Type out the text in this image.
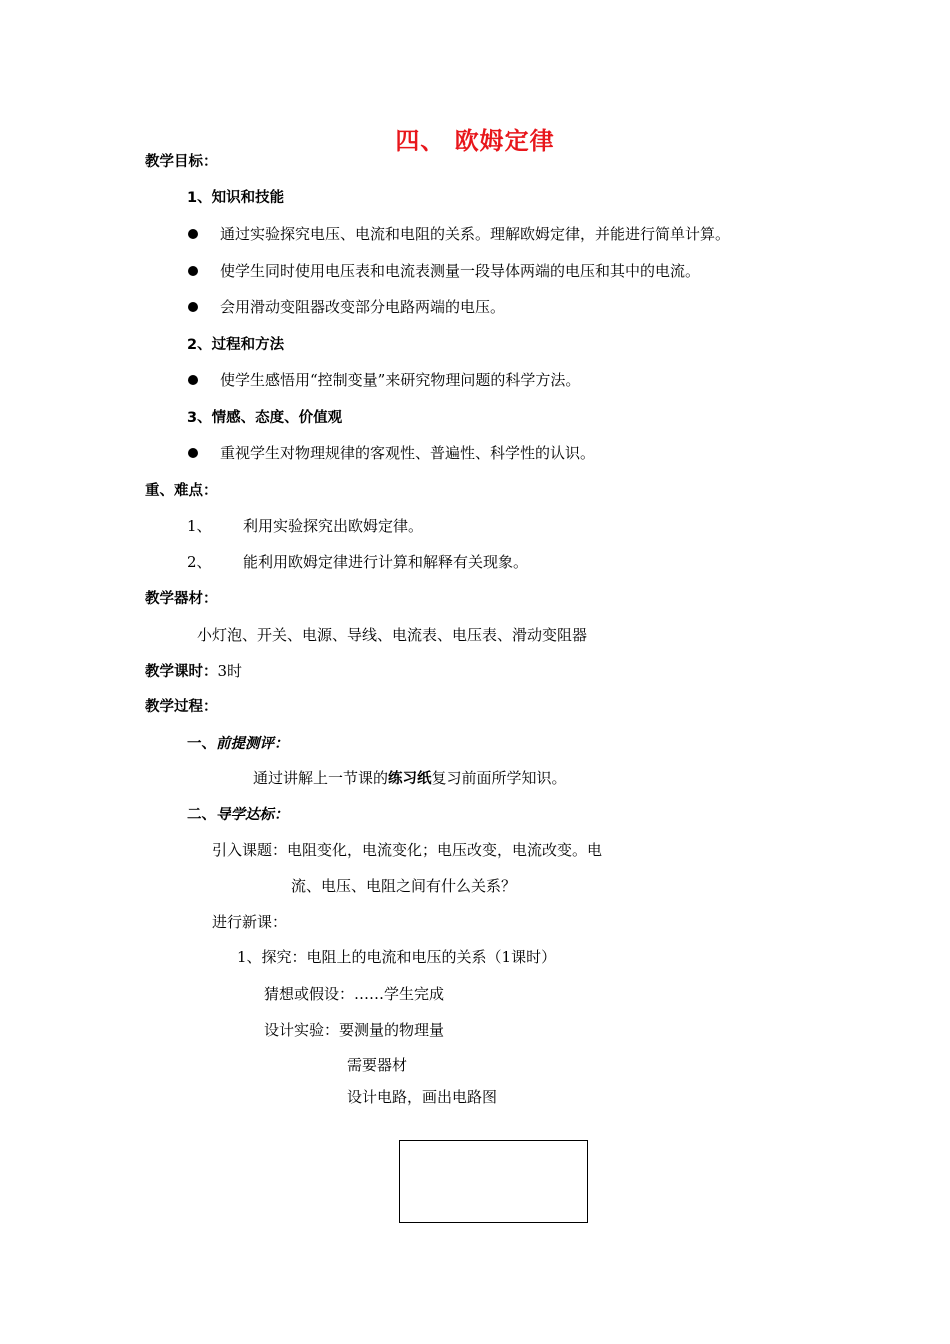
四、 欧姆定律
教学目标：
1、知识和技能
通过实验探究电压、电流和电阻的关系。理解欧姆定律，并能进行简单计算。
使学生同时使用电压表和电流表测量一段导体两端的电压和其中的电流。
会用滑动变阻器改变部分电路两端的电压。
2、过程和方法
使学生感悟用“控制变量”来研究物理问题的科学方法。
3、情感、态度、价值观
重视学生对物理规律的客观性、普遍性、科学性的认识。
重、难点：
1、 利用实验探究出欧姆定律。
2、 能利用欧姆定律进行计算和解释有关现象。
教学器材：
小灯泡、开关、电源、导线、电流表、电压表、滑动变阻器
教学课时：3时
教学过程：
一、前提测评：
通过讲解上一节课的练习纸复习前面所学知识。
二、导学达标：
引入课题：电阻变化，电流变化；电压改变，电流改变。电
流、电压、电阻之间有什么关系？
进行新课：
1、探究：电阻上的电流和电压的关系（1课时）
猜想或假设：……学生完成
设计实验：要测量的物理量
需要器材
设计电路，画出电路图
